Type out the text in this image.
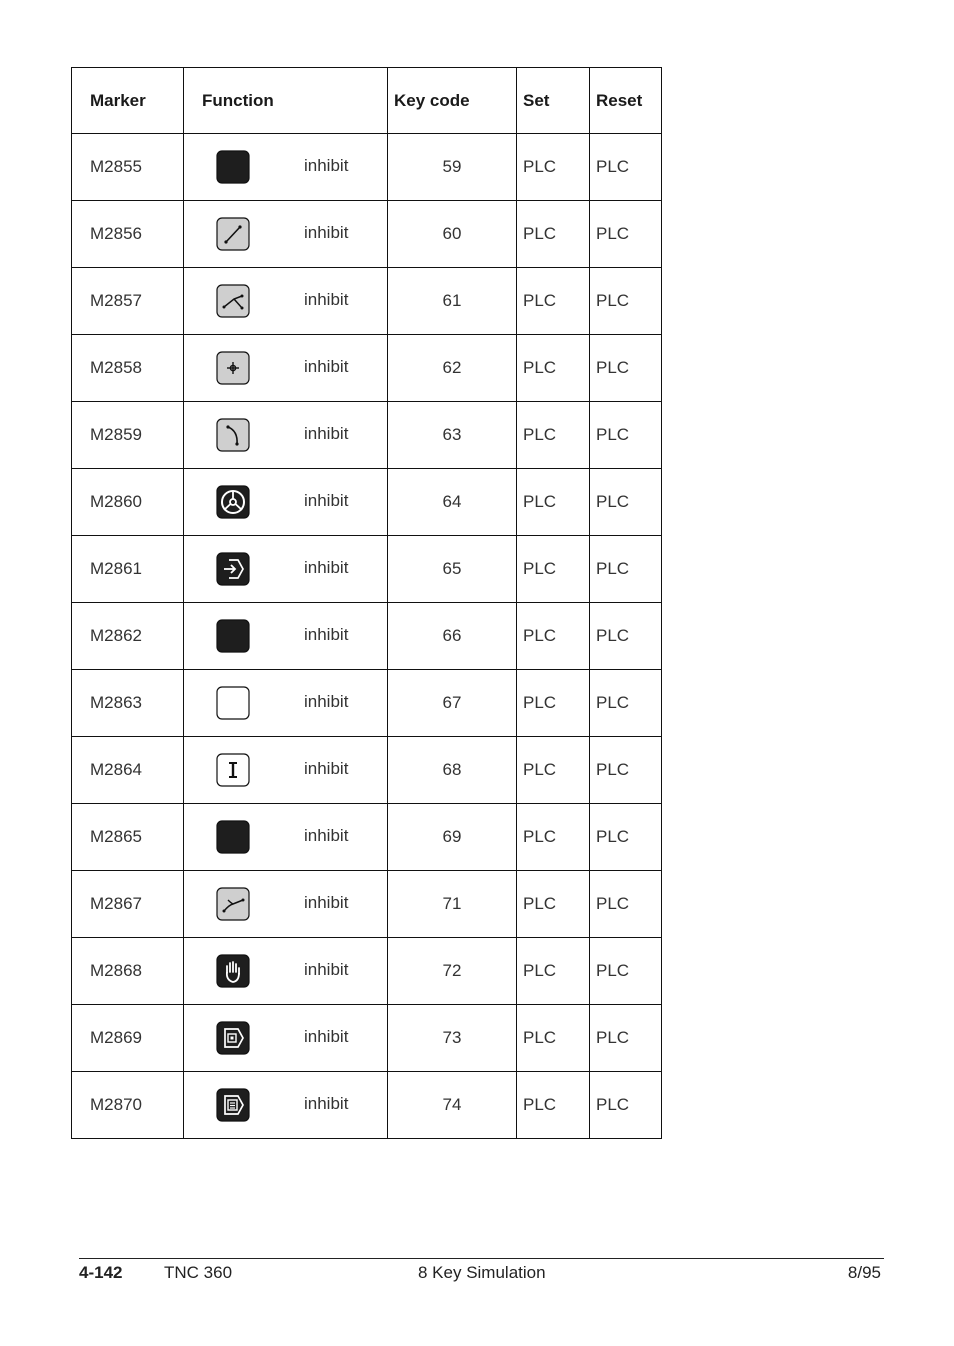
Marker	Function	Key code	Set	Reset
M2855	inhibit	59	PLC	PLC
M2856	inhibit	60	PLC	PLC
M2857	inhibit	61	PLC	PLC
M2858	inhibit	62	PLC	PLC
M2859	inhibit	63	PLC	PLC
M2860	inhibit	64	PLC	PLC
M2861	inhibit	65	PLC	PLC
M2862	inhibit	66	PLC	PLC
M2863	inhibit	67	PLC	PLC
M2864	inhibit	68	PLC	PLC
M2865	inhibit	69	PLC	PLC
M2867	inhibit	71	PLC	PLC
M2868	inhibit	72	PLC	PLC
M2869	inhibit	73	PLC	PLC
M2870	inhibit	74	PLC	PLC
4-142 TNC 360	8 Key Simulation	8/95
